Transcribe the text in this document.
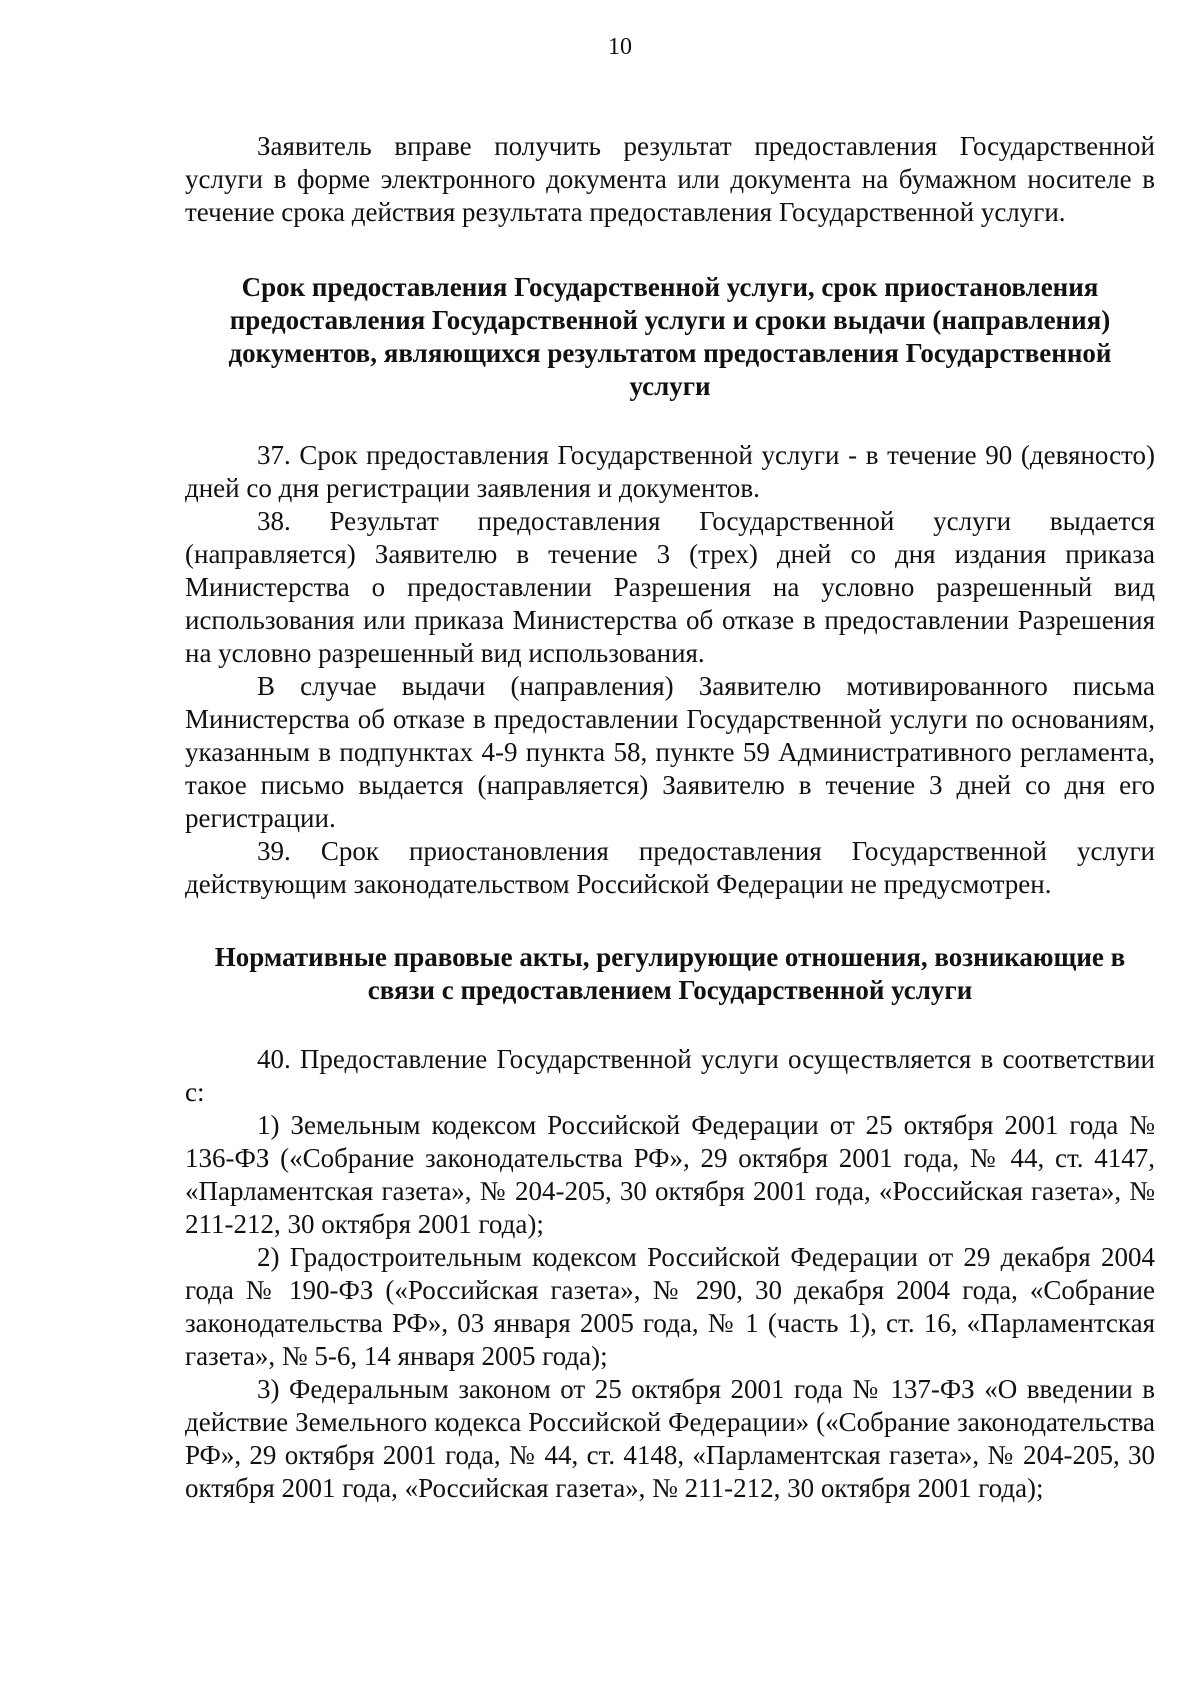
10

Заявитель вправе получить результат предоставления Государственной услуги в форме электронного документа или документа на бумажном носителе в течение срока действия результата предоставления Государственной услуги.

Срок предоставления Государственной услуги, срок приостановления предоставления Государственной услуги и сроки выдачи (направления) документов, являющихся результатом предоставления Государственной услуги

37. Срок предоставления Государственной услуги - в течение 90 (девяносто) дней со дня регистрации заявления и документов.

38. Результат предоставления Государственной услуги выдается (направляется) Заявителю в течение 3 (трех) дней со дня издания приказа Министерства о предоставлении Разрешения на условно разрешенный вид использования или приказа Министерства об отказе в предоставлении Разрешения на условно разрешенный вид использования.

В случае выдачи (направления) Заявителю мотивированного письма Министерства об отказе в предоставлении Государственной услуги по основаниям, указанным в подпунктах 4-9 пункта 58, пункте 59 Административного регламента, такое письмо выдается (направляется) Заявителю в течение 3 дней со дня его регистрации.

39. Срок приостановления предоставления Государственной услуги действующим законодательством Российской Федерации не предусмотрен.

Нормативные правовые акты, регулирующие отношения, возникающие в связи с предоставлением Государственной услуги

40. Предоставление Государственной услуги осуществляется в соответствии с:

1) Земельным кодексом Российской Федерации от 25 октября 2001 года № 136-ФЗ («Собрание законодательства РФ», 29 октября 2001 года, № 44, ст. 4147, «Парламентская газета», № 204-205, 30 октября 2001 года, «Российская газета», № 211-212, 30 октября 2001 года);

2) Градостроительным кодексом Российской Федерации от 29 декабря 2004 года № 190-ФЗ («Российская газета», № 290, 30 декабря 2004 года, «Собрание законодательства РФ», 03 января 2005 года, № 1 (часть 1), ст. 16, «Парламентская газета», № 5-6, 14 января 2005 года);

3) Федеральным законом от 25 октября 2001 года № 137-ФЗ «О введении в действие Земельного кодекса Российской Федерации» («Собрание законодательства РФ», 29 октября 2001 года, № 44, ст. 4148, «Парламентская газета», № 204-205, 30 октября 2001 года, «Российская газета», № 211-212, 30 октября 2001 года);
